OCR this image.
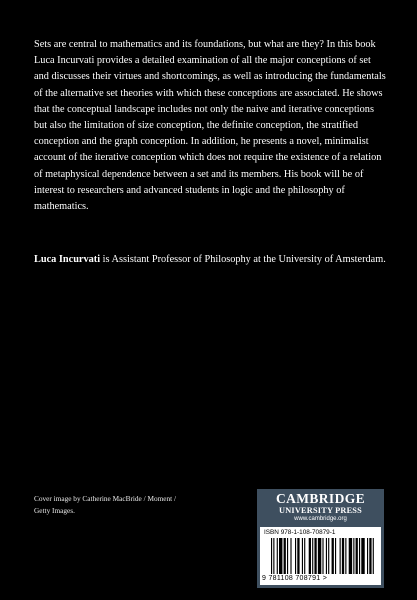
Sets are central to mathematics and its foundations, but what are they? In this book Luca Incurvati provides a detailed examination of all the major conceptions of set and discusses their virtues and shortcomings, as well as introducing the fundamentals of the alternative set theories with which these conceptions are associated. He shows that the conceptual landscape includes not only the naive and iterative conceptions but also the limitation of size conception, the definite conception, the stratified conception and the graph conception. In addition, he presents a novel, minimalist account of the iterative conception which does not require the existence of a relation of metaphysical dependence between a set and its members. His book will be of interest to researchers and advanced students in logic and the philosophy of mathematics.

Luca Incurvati is Assistant Professor of Philosophy at the University of Amsterdam.

Cover image by Catherine MacBride / Moment /
Getty Images.
CAMBRIDGE
UNIVERSITY PRESS
www.cambridge.org
ISBN 978-1-108-70879-1
9 781108 708791 >
